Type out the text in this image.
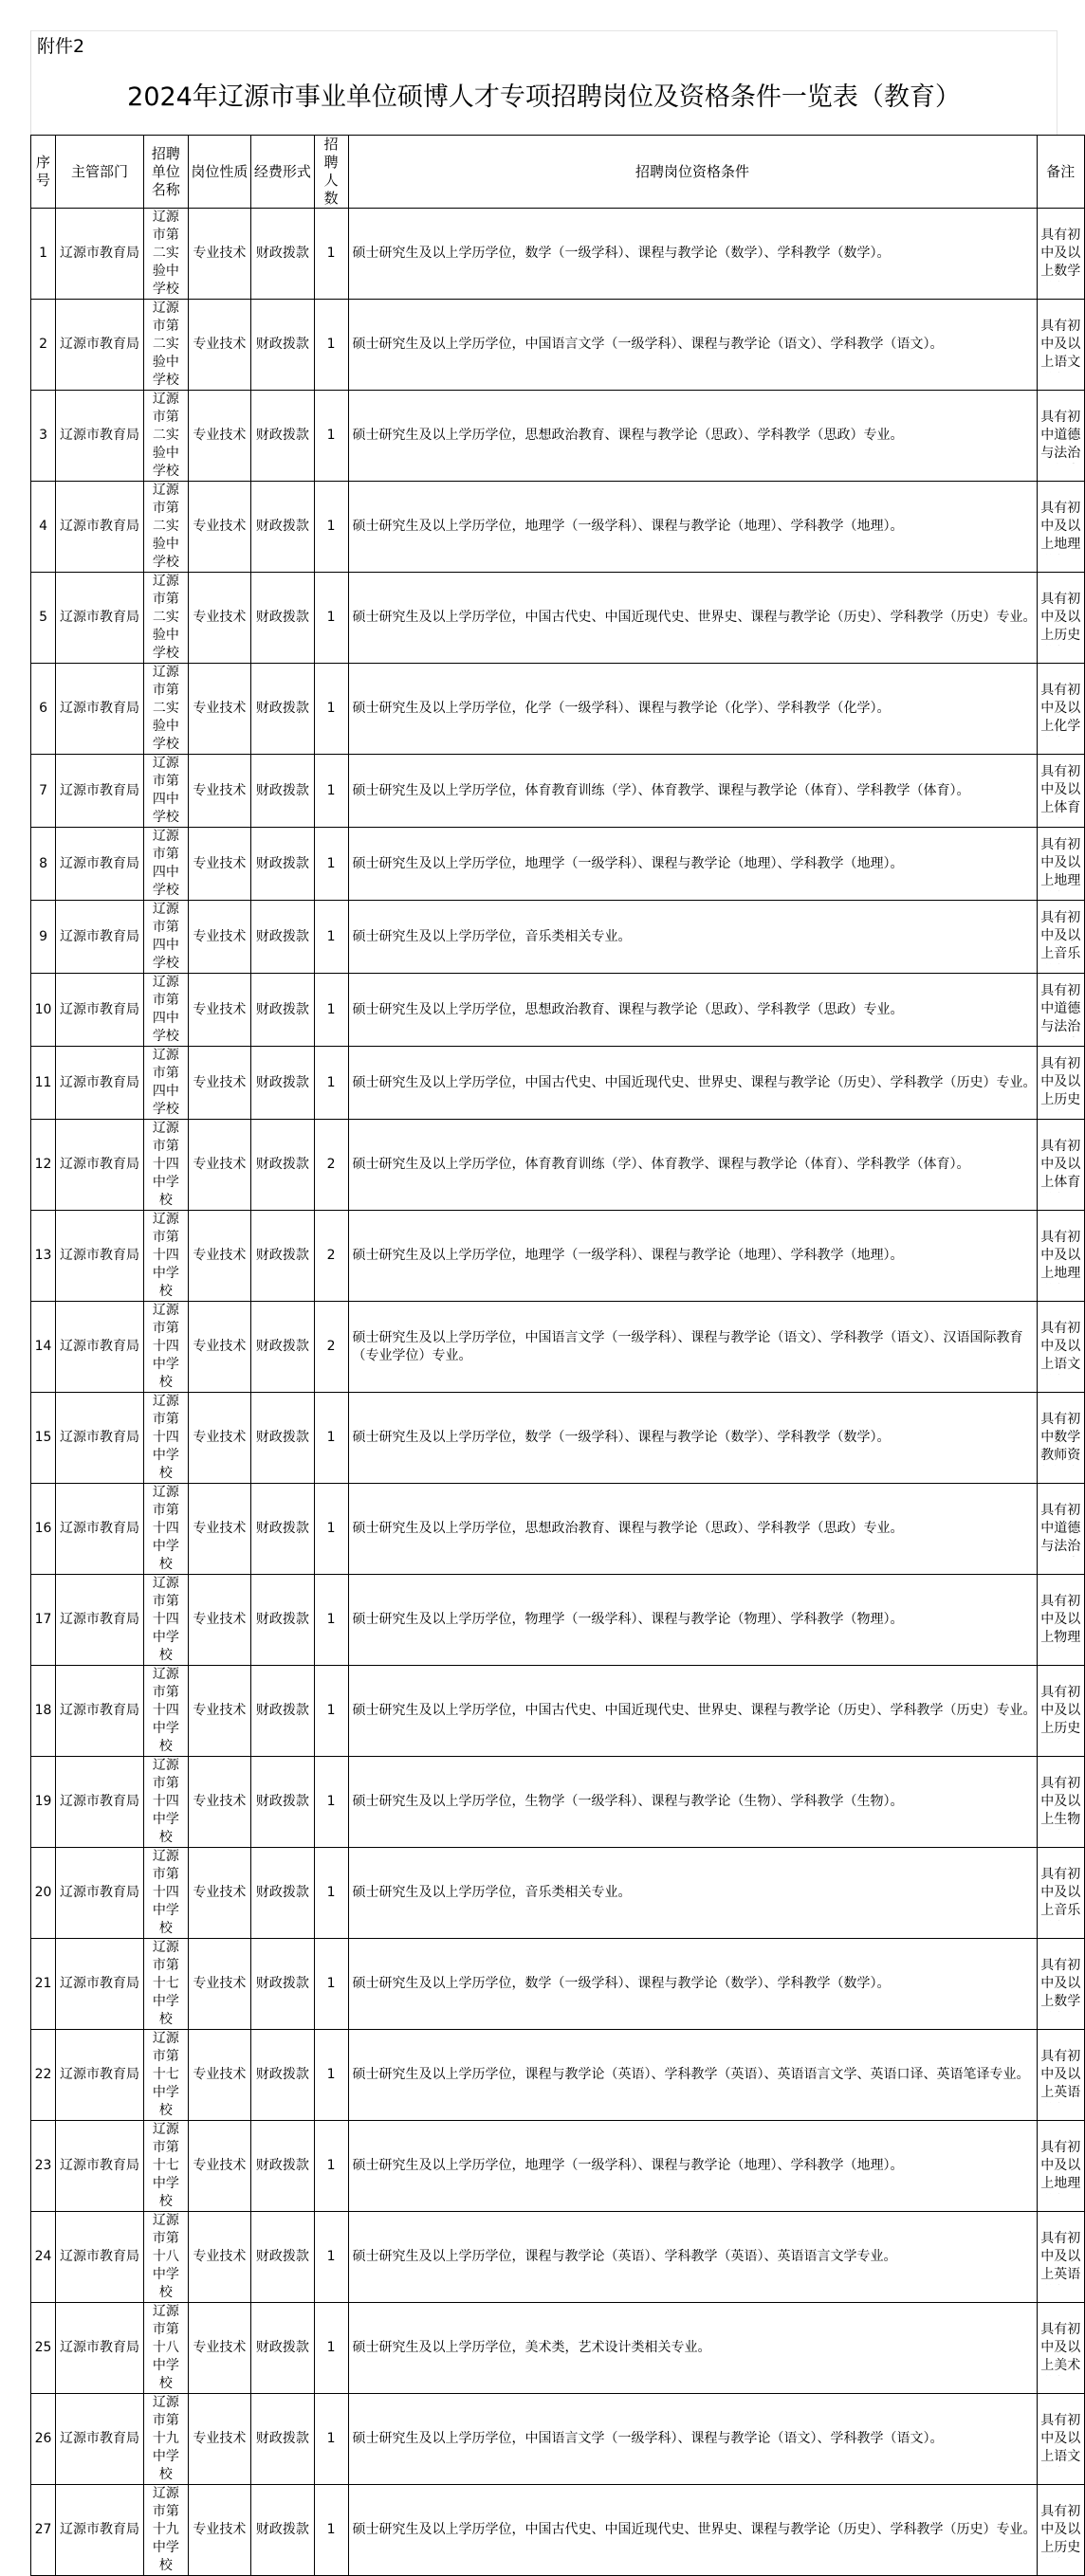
附件2
2024年辽源市事业单位硕博人才专项招聘岗位及资格条件一览表（教育）
序号	主管部门	招聘单位名称	岗位性质	经费形式	招聘人数	招聘岗位资格条件	备注
1	辽源市教育局	辽源市第二实验中学校	专业技术	财政拨款	1	硕士研究生及以上学历学位，数学（一级学科）、课程与教学论（数学）、学科教学（数学）。	具有初中及以上数学

2	辽源市教育局	辽源市第二实验中学校	专业技术	财政拨款	1	硕士研究生及以上学历学位，中国语言文学（一级学科）、课程与教学论（语文）、学科教学（语文）。	具有初中及以上语文

3	辽源市教育局	辽源市第二实验中学校	专业技术	财政拨款	1	硕士研究生及以上学历学位，思想政治教育、课程与教学论（思政）、学科教学（思政）专业。	具有初中道德与法治

4	辽源市教育局	辽源市第二实验中学校	专业技术	财政拨款	1	硕士研究生及以上学历学位，地理学（一级学科）、课程与教学论（地理）、学科教学（地理）。	具有初中及以上地理

5	辽源市教育局	辽源市第二实验中学校	专业技术	财政拨款	1	硕士研究生及以上学历学位，中国古代史、中国近现代史、世界史、课程与教学论（历史）、学科教学（历史）专业。	具有初中及以上历史

6	辽源市教育局	辽源市第二实验中学校	专业技术	财政拨款	1	硕士研究生及以上学历学位，化学（一级学科）、课程与教学论（化学）、学科教学（化学）。	具有初中及以上化学

7	辽源市教育局	辽源市第四中学校	专业技术	财政拨款	1	硕士研究生及以上学历学位，体育教育训练（学）、体育教学、课程与教学论（体育）、学科教学（体育）。	具有初中及以上体育

8	辽源市教育局	辽源市第四中学校	专业技术	财政拨款	1	硕士研究生及以上学历学位，地理学（一级学科）、课程与教学论（地理）、学科教学（地理）。	具有初中及以上地理

9	辽源市教育局	辽源市第四中学校	专业技术	财政拨款	1	硕士研究生及以上学历学位，音乐类相关专业。	具有初中及以上音乐

10	辽源市教育局	辽源市第四中学校	专业技术	财政拨款	1	硕士研究生及以上学历学位，思想政治教育、课程与教学论（思政）、学科教学（思政）专业。	具有初中道德与法治

11	辽源市教育局	辽源市第四中学校	专业技术	财政拨款	1	硕士研究生及以上学历学位，中国古代史、中国近现代史、世界史、课程与教学论（历史）、学科教学（历史）专业。	具有初中及以上历史

12	辽源市教育局	辽源市第十四中学校	专业技术	财政拨款	2	硕士研究生及以上学历学位，体育教育训练（学）、体育教学、课程与教学论（体育）、学科教学（体育）。	具有初中及以上体育

13	辽源市教育局	辽源市第十四中学校	专业技术	财政拨款	2	硕士研究生及以上学历学位，地理学（一级学科）、课程与教学论（地理）、学科教学（地理）。	具有初中及以上地理

14	辽源市教育局	辽源市第十四中学校	专业技术	财政拨款	2	硕士研究生及以上学历学位，中国语言文学（一级学科）、课程与教学论（语文）、学科教学（语文）、汉语国际教育（专业学位）专业。	具有初中及以上语文

15	辽源市教育局	辽源市第十四中学校	专业技术	财政拨款	1	硕士研究生及以上学历学位，数学（一级学科）、课程与教学论（数学）、学科教学（数学）。	具有初中数学教师资

16	辽源市教育局	辽源市第十四中学校	专业技术	财政拨款	1	硕士研究生及以上学历学位，思想政治教育、课程与教学论（思政）、学科教学（思政）专业。	具有初中道德与法治

17	辽源市教育局	辽源市第十四中学校	专业技术	财政拨款	1	硕士研究生及以上学历学位，物理学（一级学科）、课程与教学论（物理）、学科教学（物理）。	具有初中及以上物理

18	辽源市教育局	辽源市第十四中学校	专业技术	财政拨款	1	硕士研究生及以上学历学位，中国古代史、中国近现代史、世界史、课程与教学论（历史）、学科教学（历史）专业。	具有初中及以上历史

19	辽源市教育局	辽源市第十四中学校	专业技术	财政拨款	1	硕士研究生及以上学历学位，生物学（一级学科）、课程与教学论（生物）、学科教学（生物）。	具有初中及以上生物

20	辽源市教育局	辽源市第十四中学校	专业技术	财政拨款	1	硕士研究生及以上学历学位，音乐类相关专业。	具有初中及以上音乐

21	辽源市教育局	辽源市第十七中学校	专业技术	财政拨款	1	硕士研究生及以上学历学位，数学（一级学科）、课程与教学论（数学）、学科教学（数学）。	具有初中及以上数学

22	辽源市教育局	辽源市第十七中学校	专业技术	财政拨款	1	硕士研究生及以上学历学位，课程与教学论（英语）、学科教学（英语）、英语语言文学、英语口译、英语笔译专业。	具有初中及以上英语

23	辽源市教育局	辽源市第十七中学校	专业技术	财政拨款	1	硕士研究生及以上学历学位，地理学（一级学科）、课程与教学论（地理）、学科教学（地理）。	具有初中及以上地理

24	辽源市教育局	辽源市第十八中学校	专业技术	财政拨款	1	硕士研究生及以上学历学位，课程与教学论（英语）、学科教学（英语）、英语语言文学专业。	具有初中及以上英语

25	辽源市教育局	辽源市第十八中学校	专业技术	财政拨款	1	硕士研究生及以上学历学位，美术类，艺术设计类相关专业。	具有初中及以上美术

26	辽源市教育局	辽源市第十九中学校	专业技术	财政拨款	1	硕士研究生及以上学历学位，中国语言文学（一级学科）、课程与教学论（语文）、学科教学（语文）。	具有初中及以上语文

27	辽源市教育局	辽源市第十九中学校	专业技术	财政拨款	1	硕士研究生及以上学历学位，中国古代史、中国近现代史、世界史、课程与教学论（历史）、学科教学（历史）专业。	具有初中及以上历史
